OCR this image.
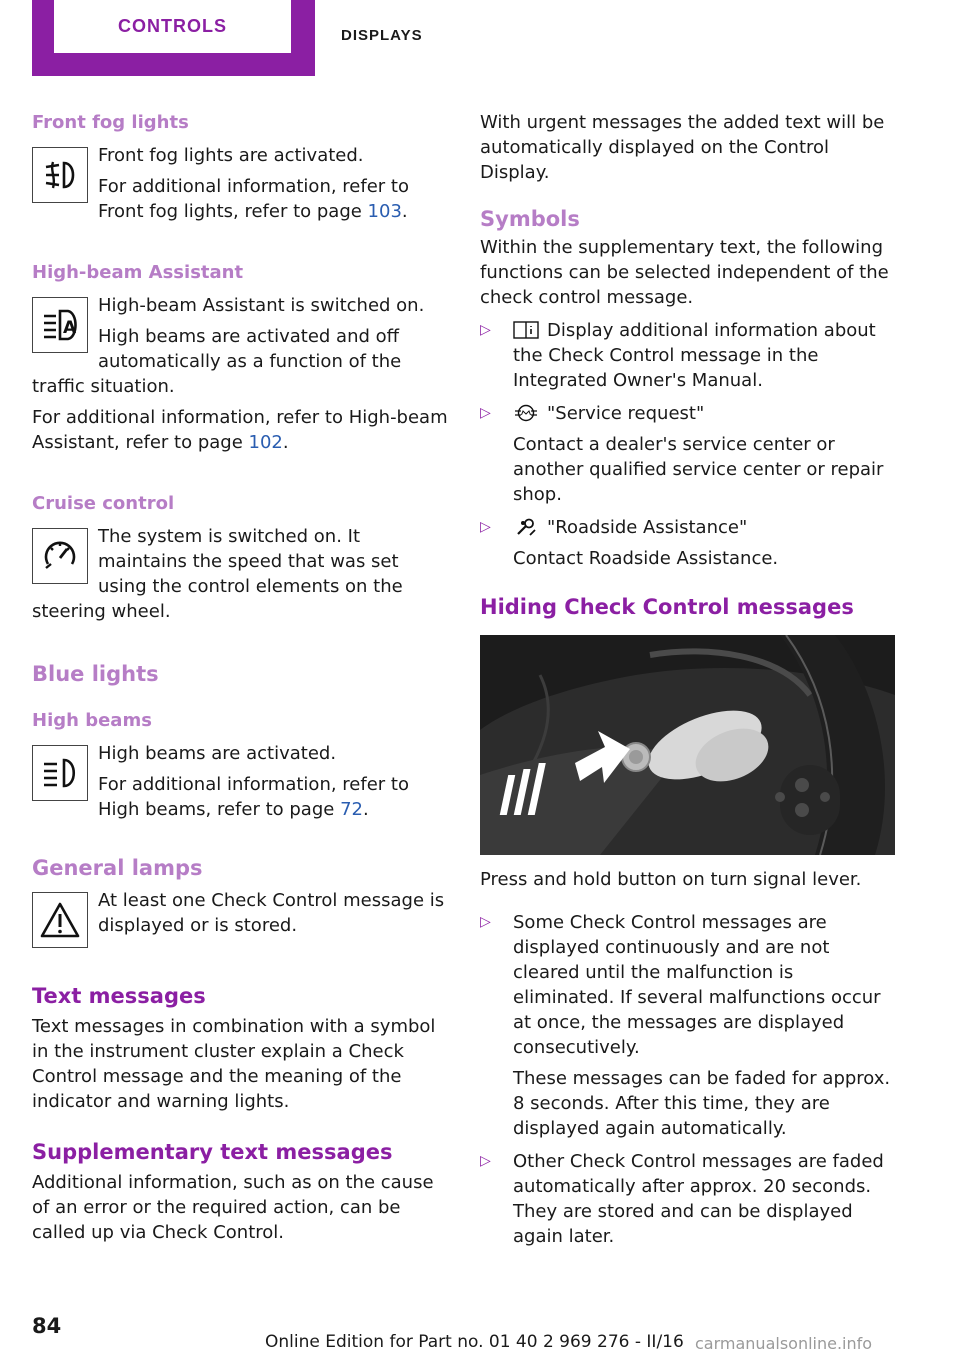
CONTROLS	DISPLAYS
Front fog lights

Front fog lights are activated.

For additional information, refer to Front fog lights, refer to page 103.

High-beam Assistant
A

High-beam Assistant is switched on.

High beams are activated and off automatically as a function of the traffic situation.

For additional information, refer to High-beam Assistant, refer to page 102.

Cruise control

The system is switched on. It maintains the speed that was set using the control elements on the steering wheel.

Blue lights
High beams

High beams are activated.

For additional information, refer to High beams, refer to page 72.

General lamps

At least one Check Control message is displayed or is stored.

Text messages

Text messages in combination with a symbol in the instrument cluster explain a Check Control message and the meaning of the indicator and warning lights.

Supplementary text messages

Additional information, such as on the cause of an error or the required action, can be called up via Check Control.

With urgent messages the added text will be automatically displayed on the Control Display.

Symbols

Within the supplementary text, the following functions can be selected independent of the check control message.

▷	Display additional information about the Check Control message in the Integrated Owner's Manual.

▷	"Service request"

Contact a dealer's service center or another qualified service center or repair shop.

▷	"Roadside Assistance"

Contact Roadside Assistance.

Hiding Check Control messages

Press and hold button on turn signal lever.

▷ Some Check Control messages are displayed continuously and are not cleared until the malfunction is eliminated. If several malfunctions occur at once, the messages are displayed consecutively.

These messages can be faded for approx. 8 seconds. After this time, they are displayed again automatically.

▷ Other Check Control messages are faded automatically after approx. 20 seconds. They are stored and can be displayed again later.

84
Online Edition for Part no. 01 40 2 969 276 - II/16 carmanualsonline.info
